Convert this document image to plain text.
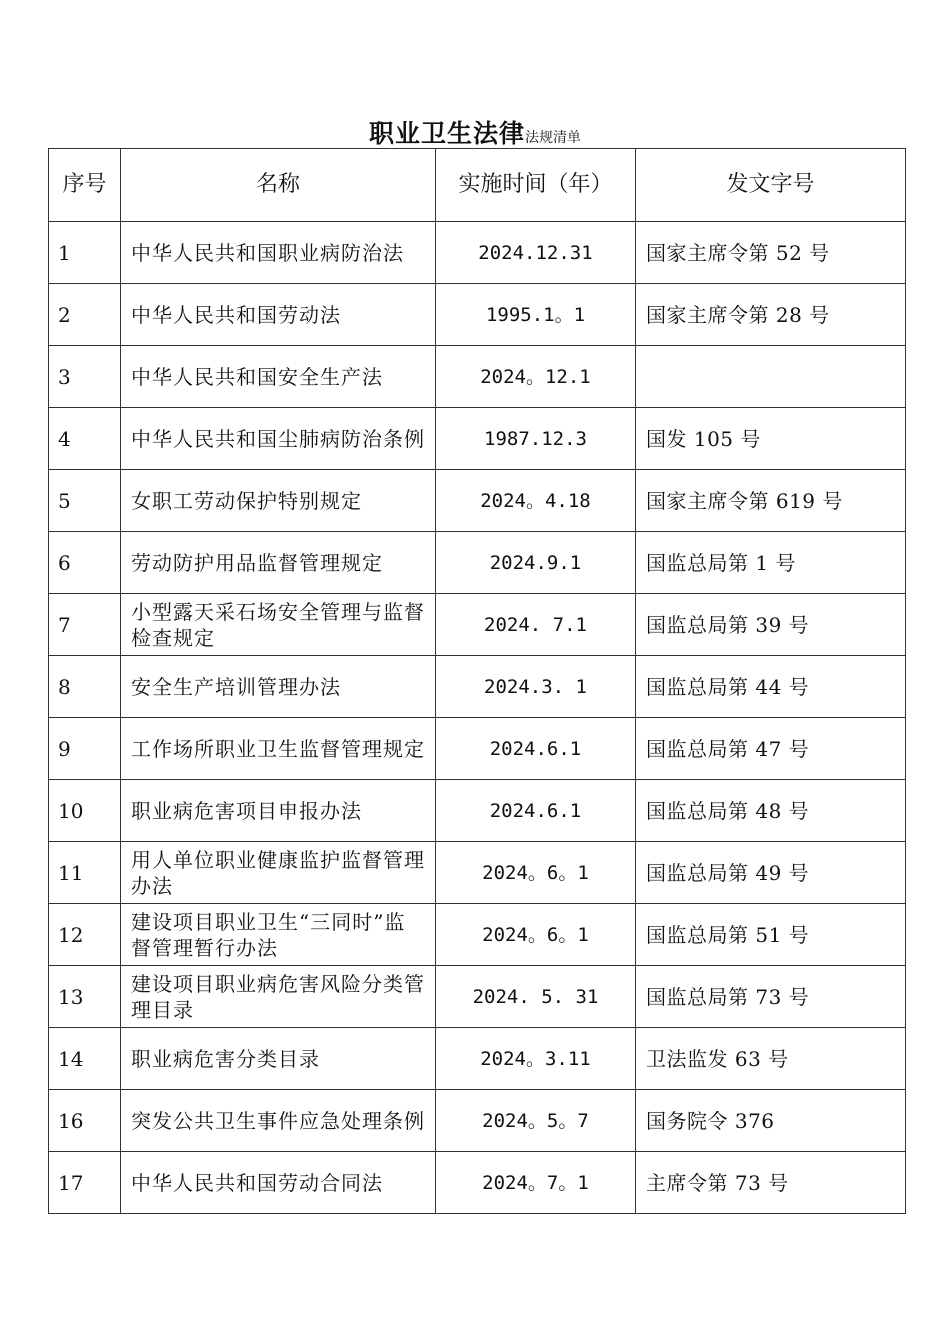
职业卫生法律法规清单
序号	名称	实施时间（年）	发文字号
1	中华人民共和国职业病防治法	2024.12.31	国家主席令第 52 号
2	中华人民共和国劳动法	1995.1。1	国家主席令第 28 号
3	中华人民共和国安全生产法	2024。12.1	
4	中华人民共和国尘肺病防治条例	1987.12.3	国发 105 号
5	女职工劳动保护特别规定	2024。4.18	国家主席令第 619 号
6	劳动防护用品监督管理规定	2024.9.1	国监总局第 1 号
7	小型露天采石场安全管理与监督检查规定	2024. 7.1	国监总局第 39 号
8	安全生产培训管理办法	2024.3. 1	国监总局第 44 号
9	工作场所职业卫生监督管理规定	2024.6.1	国监总局第 47 号
10	职业病危害项目申报办法	2024.6.1	国监总局第 48 号
11	用人单位职业健康监护监督管理办法	2024。6。1	国监总局第 49 号
12	建设项目职业卫生“三同时”监督管理暂行办法	2024。6。1	国监总局第 51 号
13	建设项目职业病危害风险分类管理目录	2024. 5. 31	国监总局第 73 号
14	职业病危害分类目录	2024。3.11	卫法监发 63 号
16	突发公共卫生事件应急处理条例	2024。5。7	国务院令 376
17	中华人民共和国劳动合同法	2024。7。1	主席令第 73 号
